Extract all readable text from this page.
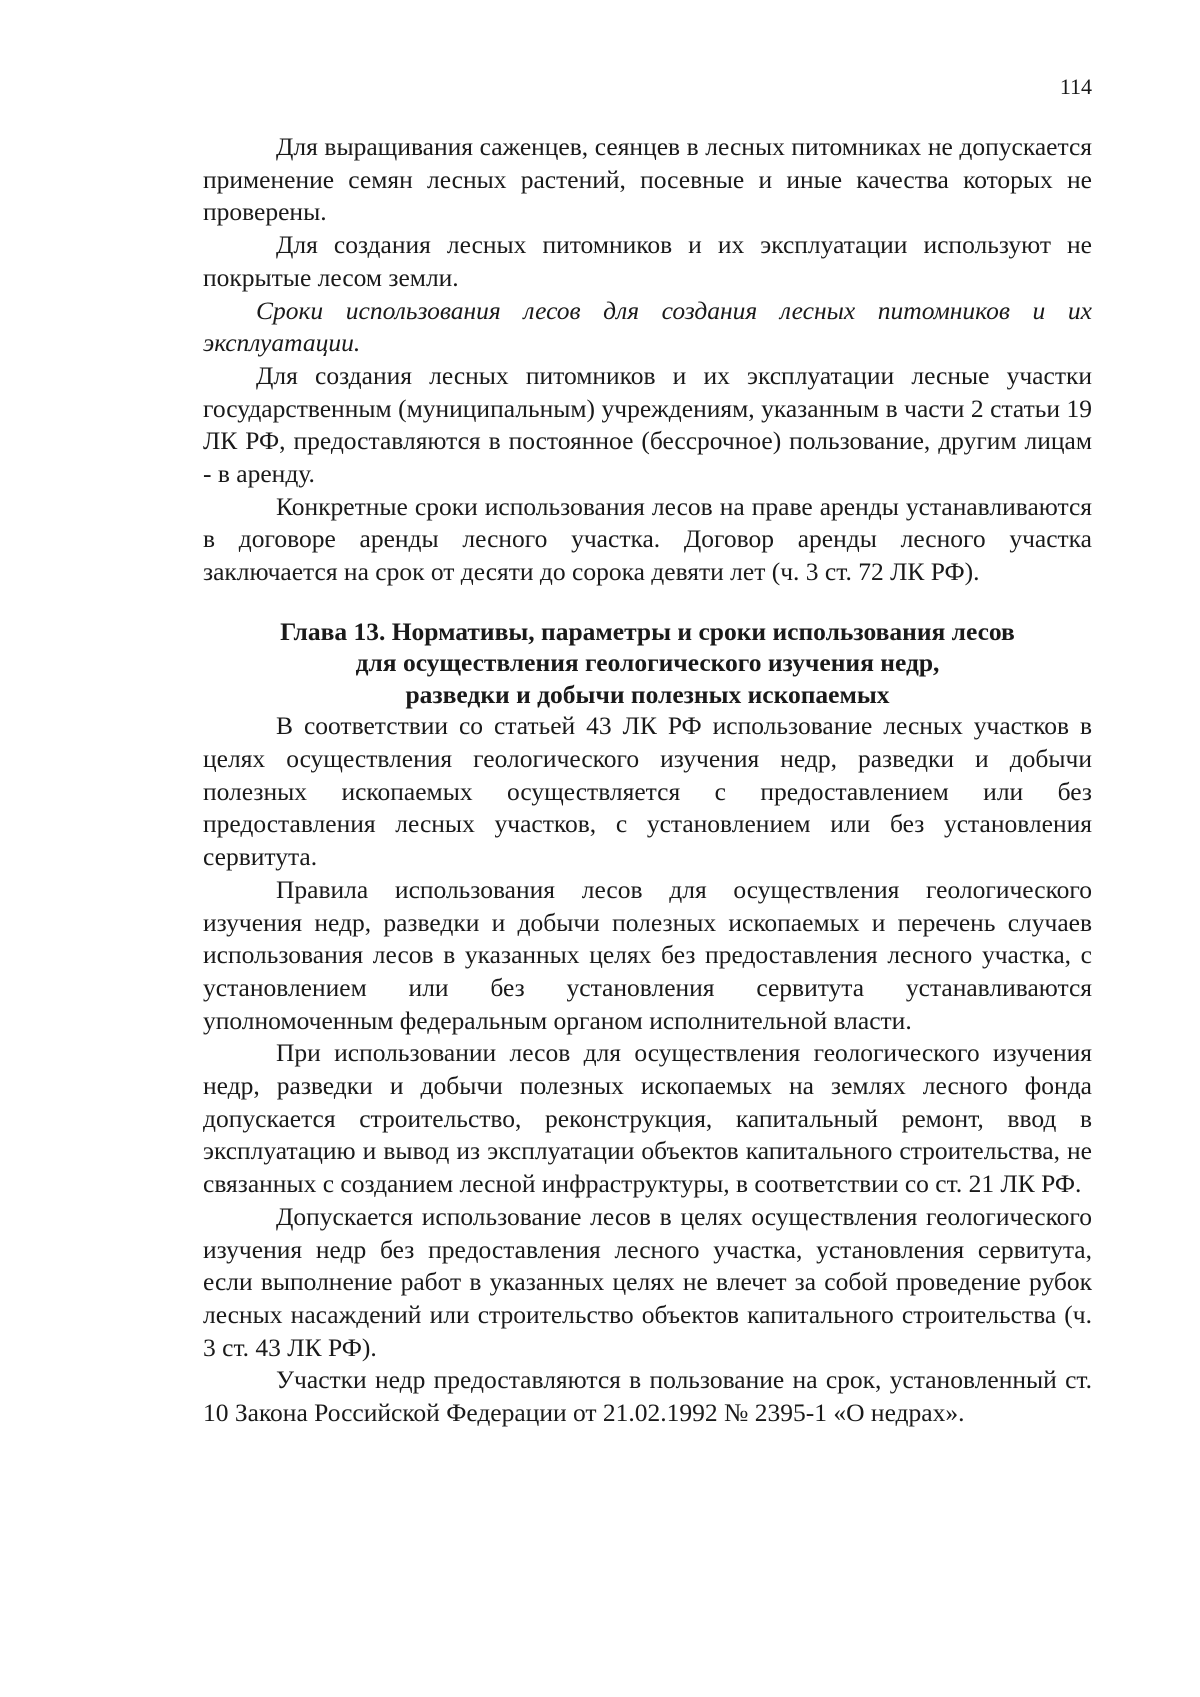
114

Для выращивания саженцев, сеянцев в лесных питомниках не допускается применение семян лесных растений, посевные и иные качества которых не проверены.

Для создания лесных питомников и их эксплуатации используют не покрытые лесом земли.

Сроки использования лесов для создания лесных питомников и их эксплуатации.

Для создания лесных питомников и их эксплуатации лесные участки государственным (муниципальным) учреждениям, указанным в части 2 статьи 19 ЛК РФ, предоставляются в постоянное (бессрочное) пользование, другим лицам - в аренду.

Конкретные сроки использования лесов на праве аренды устанавливаются в договоре аренды лесного участка. Договор аренды лесного участка заключается на срок от десяти до сорока девяти лет (ч. 3 ст. 72 ЛК РФ).

Глава 13. Нормативы, параметры и сроки использования лесов
для осуществления геологического изучения недр,
разведки и добычи полезных ископаемых

В соответствии со статьей 43 ЛК РФ использование лесных участков в целях осуществления геологического изучения недр, разведки и добычи полезных ископаемых осуществляется с предоставлением или без предоставления лесных участков, с установлением или без установления сервитута.

Правила использования лесов для осуществления геологического изучения недр, разведки и добычи полезных ископаемых и перечень случаев использования лесов в указанных целях без предоставления лесного участка, с установлением или без установления сервитута устанавливаются уполномоченным федеральным органом исполнительной власти.

При использовании лесов для осуществления геологического изучения недр, разведки и добычи полезных ископаемых на землях лесного фонда допускается строительство, реконструкция, капитальный ремонт, ввод в эксплуатацию и вывод из эксплуатации объектов капитального строительства, не связанных с созданием лесной инфраструктуры, в соответствии со ст. 21 ЛК РФ.

Допускается использование лесов в целях осуществления геологического изучения недр без предоставления лесного участка, установления сервитута, если выполнение работ в указанных целях не влечет за собой проведение рубок лесных насаждений или строительство объектов капитального строительства (ч. 3 ст. 43 ЛК РФ).

Участки недр предоставляются в пользование на срок, установленный ст. 10 Закона Российской Федерации от 21.02.1992 № 2395-1 «О недрах».
